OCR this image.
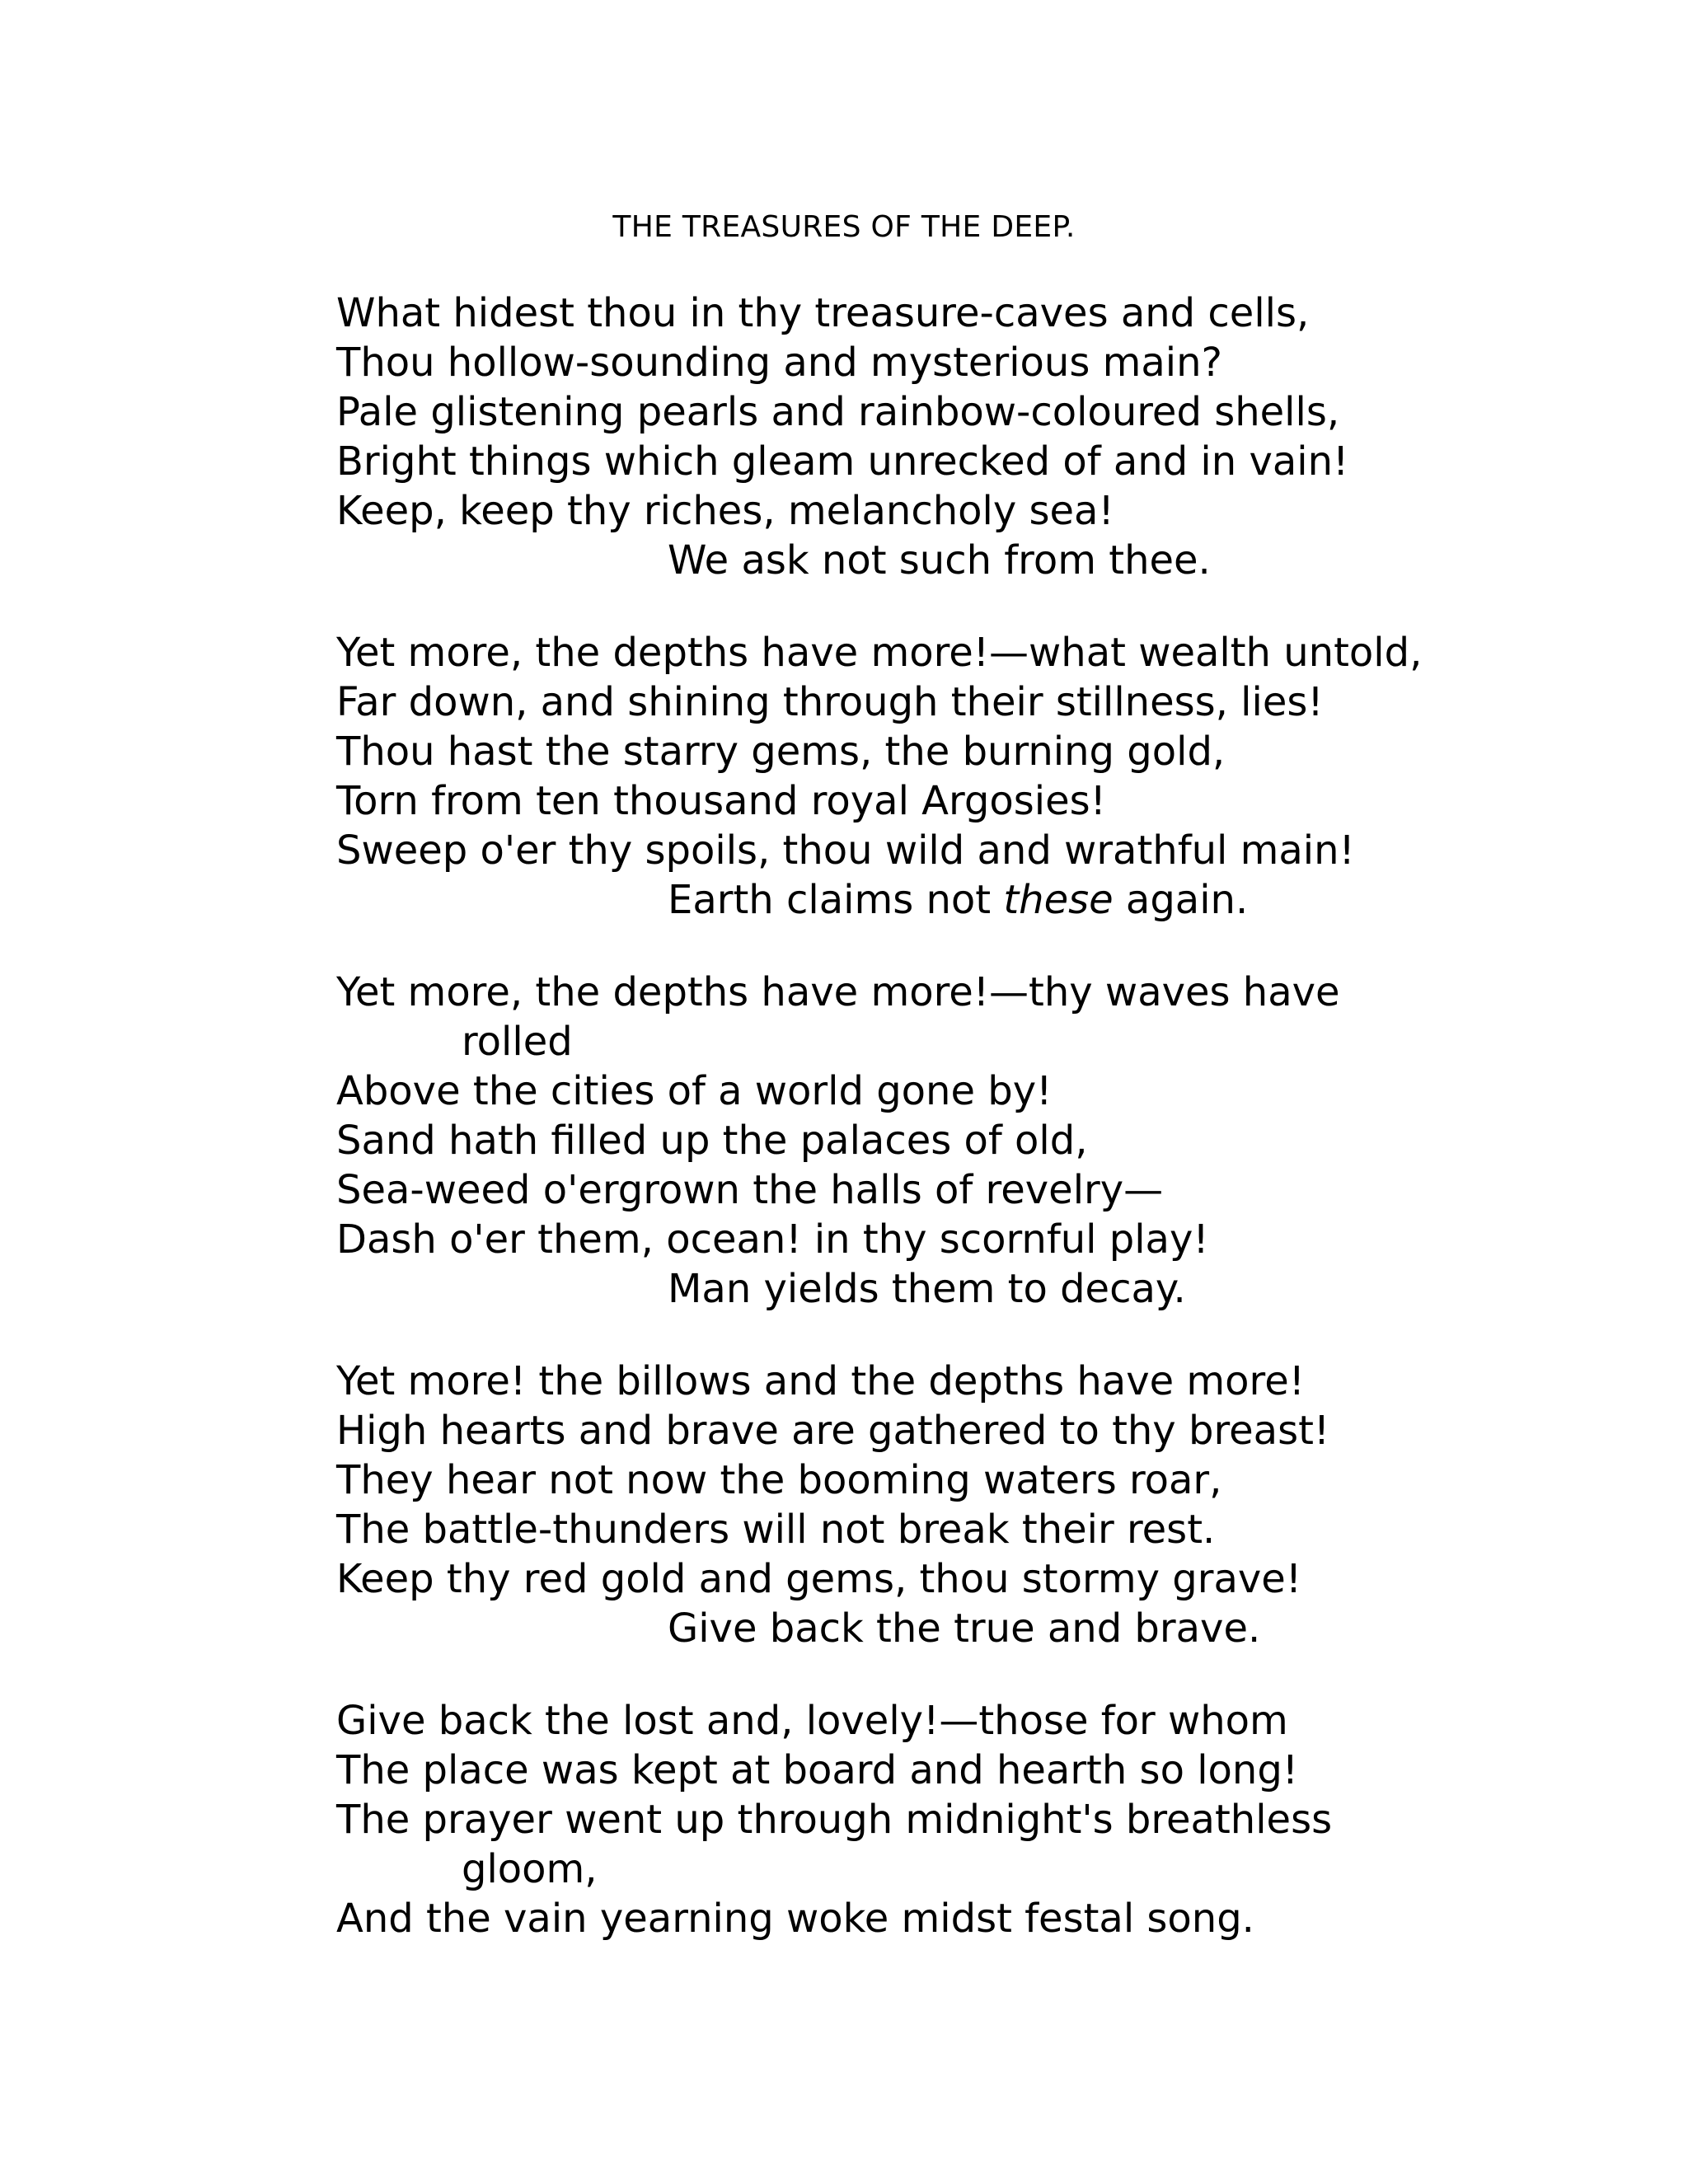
THE TREASURES OF THE DEEP.
What hidest thou in thy treasure-caves and cells,
Thou hollow-sounding and mysterious main?
Pale glistening pearls and rainbow-coloured shells,
Bright things which gleam unrecked of and in vain!
Keep, keep thy riches, melancholy sea!
We ask not such from thee.
Yet more, the depths have more!—what wealth untold,
Far down, and shining through their stillness, lies!
Thou hast the starry gems, the burning gold,
Torn from ten thousand royal Argosies!
Sweep o'er thy spoils, thou wild and wrathful main!
Earth claims not these again.
Yet more, the depths have more!—thy waves have
rolled
Above the cities of a world gone by!
Sand hath filled up the palaces of old,
Sea-weed o'ergrown the halls of revelry—
Dash o'er them, ocean! in thy scornful play!
Man yields them to decay.
Yet more! the billows and the depths have more!
High hearts and brave are gathered to thy breast!
They hear not now the booming waters roar,
The battle-thunders will not break their rest.
Keep thy red gold and gems, thou stormy grave!
Give back the true and brave.
Give back the lost and, lovely!—those for whom
The place was kept at board and hearth so long!
The prayer went up through midnight's breathless
gloom,
And the vain yearning woke midst festal song.
